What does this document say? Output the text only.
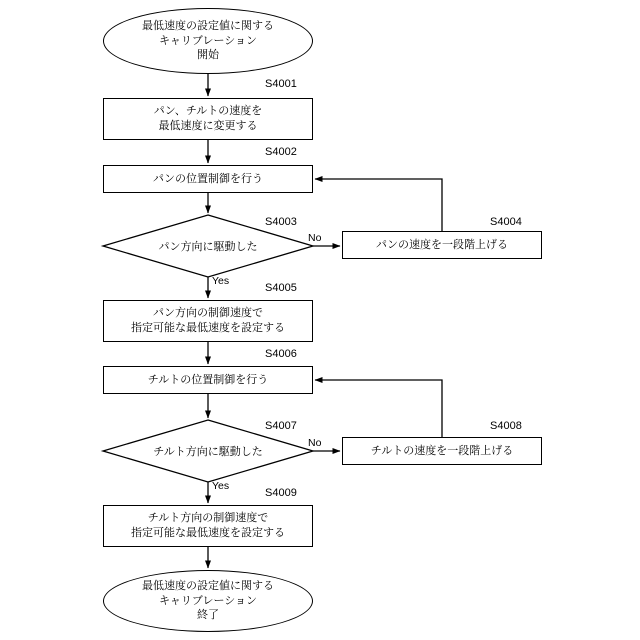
最低速度の設定値に関する
キャリブレーション
開始
パン、チルトの速度を
最低速度に変更する
S4001
パンの位置制御を行う
S4002
パン方向に駆動した
S4003
パンの速度を一段階上げる
S4004
パン方向の制御速度で
指定可能な最低速度を設定する
S4005
チルトの位置制御を行う
S4006
チルト方向に駆動した
S4007
チルトの速度を一段階上げる
S4008
チルト方向の制御速度で
指定可能な最低速度を設定する
S4009
最低速度の設定値に関する
キャリブレーション
終了
No
Yes
No
Yes
